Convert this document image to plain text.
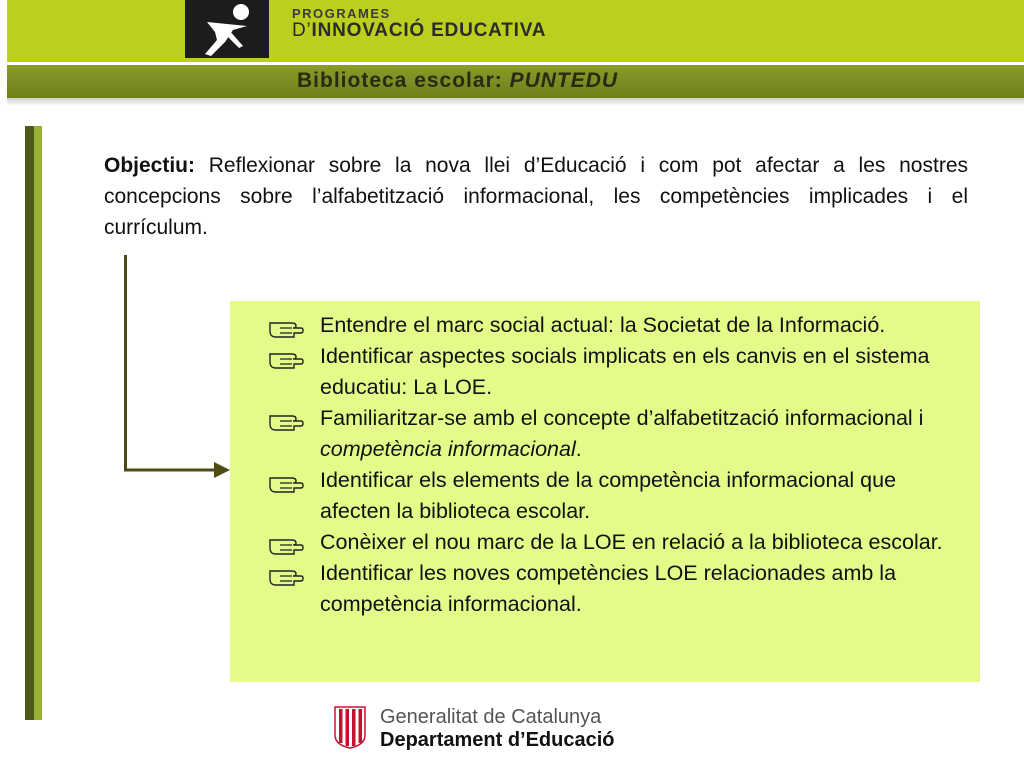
PROGRAMES
D’INNOVACIÓ EDUCATIVA
Biblioteca escolar: PUNTEDU

Objectiu: Reflexionar sobre la nova llei d’Educació i com pot afectar a les nostres concepcions sobre l’alfabetització informacional, les competències implicades i el currículum.

Entendre el marc social actual: la Societat de la Informació.
Identificar aspectes socials implicats en els canvis en el sistema educatiu: La LOE.
Familiaritzar-se amb el concepte d’alfabetització informacional i competència informacional.
Identificar els elements de la competència informacional que afecten la biblioteca escolar.
Conèixer el nou marc de la LOE en relació a la biblioteca escolar.
Identificar les noves competències LOE relacionades amb la competència informacional.
Generalitat de Catalunya
Departament d’Educació
